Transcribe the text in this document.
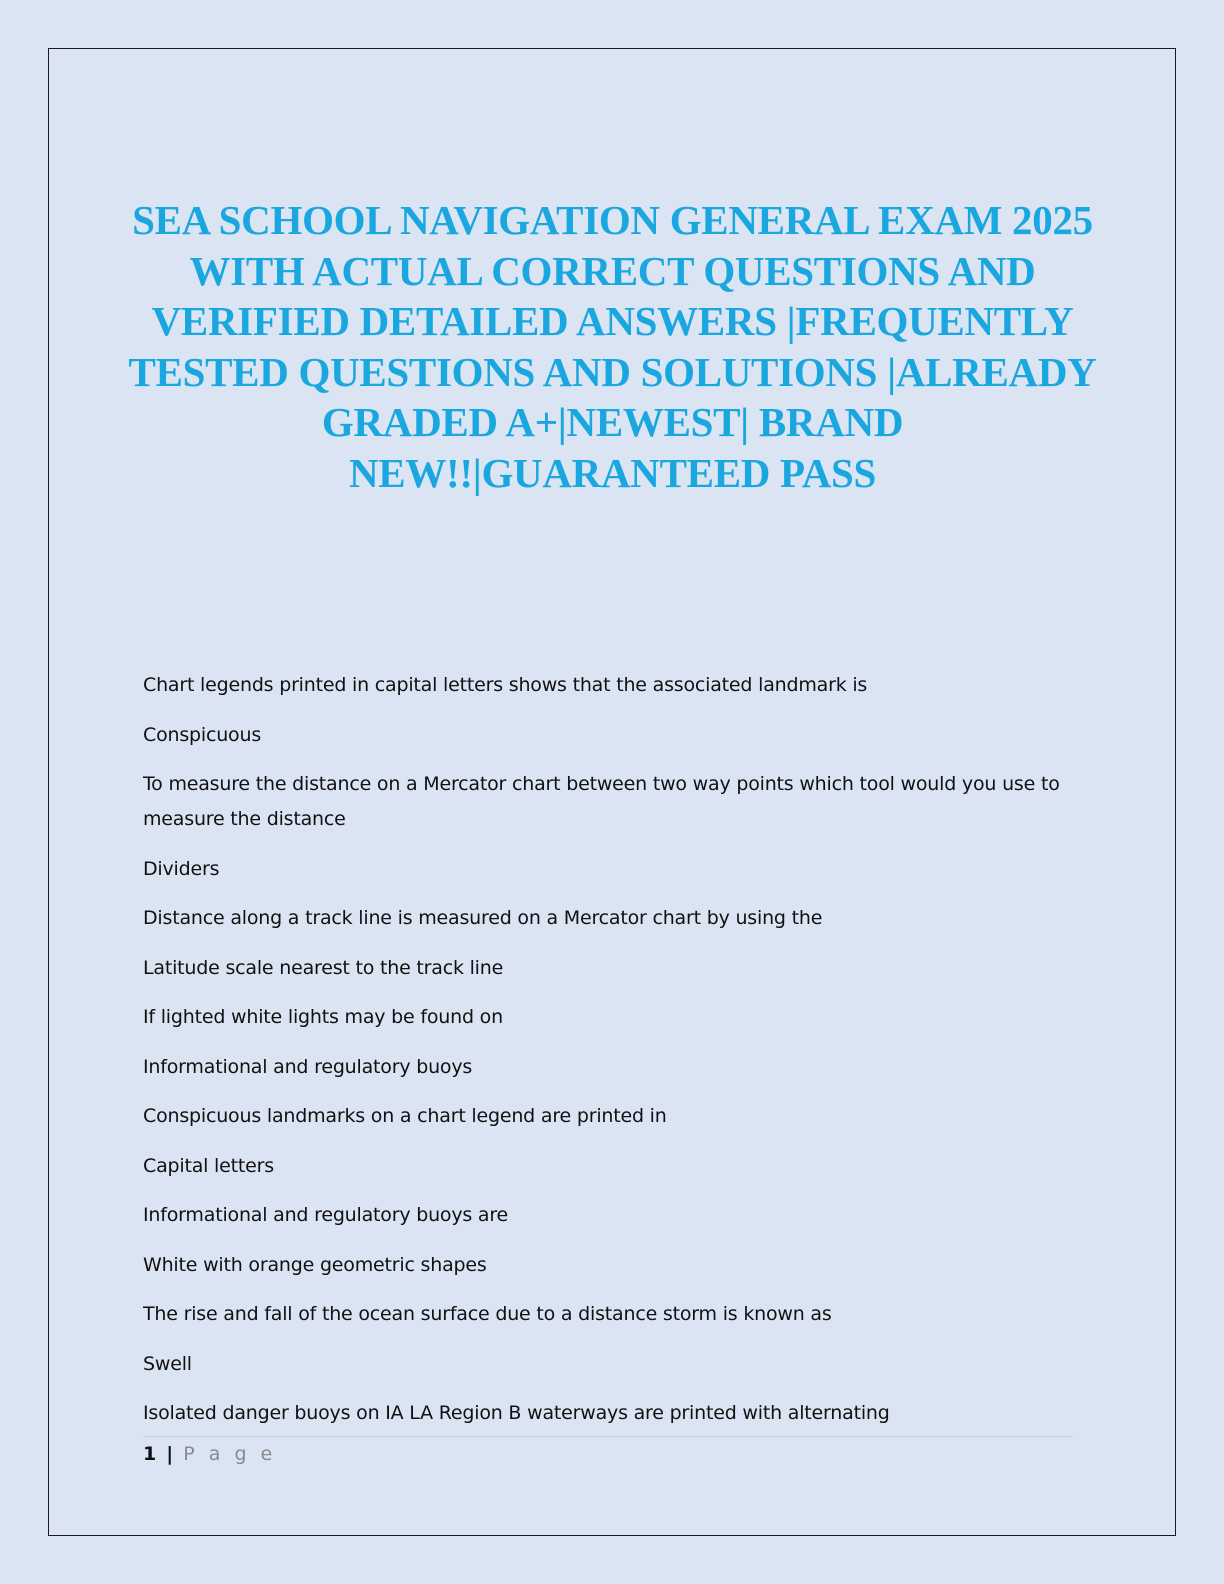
SEA SCHOOL NAVIGATION GENERAL EXAM 2025 WITH ACTUAL CORRECT QUESTIONS AND VERIFIED DETAILED ANSWERS |FREQUENTLY TESTED QUESTIONS AND SOLUTIONS |ALREADY GRADED A+|NEWEST| BRAND NEW!!|GUARANTEED PASS
Chart legends printed in capital letters shows that the associated landmark is
Conspicuous
To measure the distance on a Mercator chart between two way points which tool would you use to measure the distance
Dividers
Distance along a track line is measured on a Mercator chart by using the
Latitude scale nearest to the track line
If lighted white lights may be found on
Informational and regulatory buoys
Conspicuous landmarks on a chart legend are printed in
Capital letters
Informational and regulatory buoys are
White with orange geometric shapes
The rise and fall of the ocean surface due to a distance storm is known as
Swell
Isolated danger buoys on IA LA Region B waterways are printed with alternating
1 | P a g e
